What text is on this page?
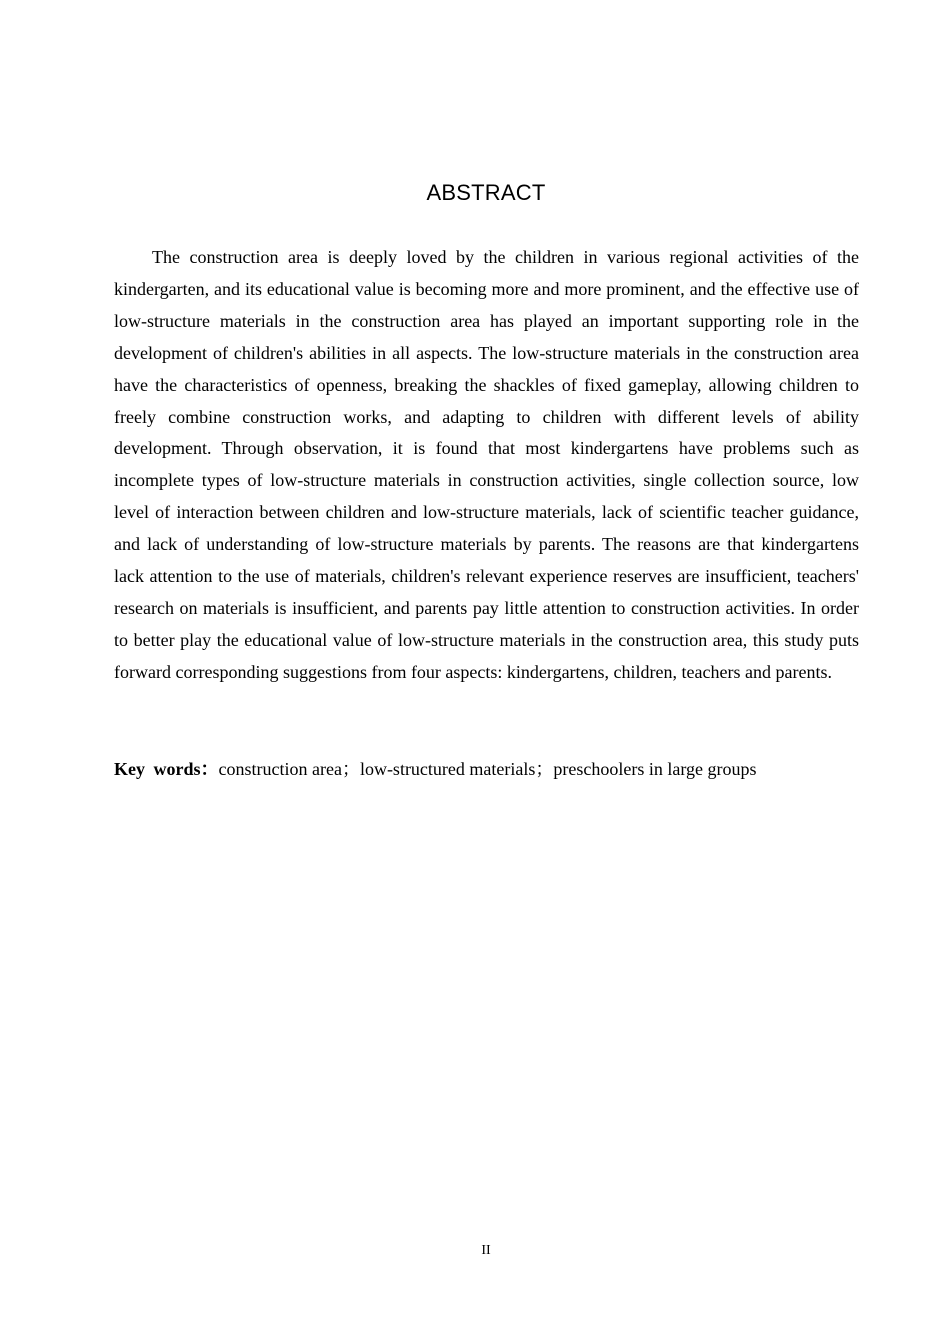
ABSTRACT

The construction area is deeply loved by the children in various regional activities of the kindergarten, and its educational value is becoming more and more prominent, and the effective use of low-structure materials in the construction area has played an important supporting role in the development of children's abilities in all aspects. The low-structure materials in the construction area have the characteristics of openness, breaking the shackles of fixed gameplay, allowing children to freely combine construction works, and adapting to children with different levels of ability development. Through observation, it is found that most kindergartens have problems such as incomplete types of low-structure materials in construction activities, single collection source, low level of interaction between children and low-structure materials, lack of scientific teacher guidance, and lack of understanding of low-structure materials by parents. The reasons are that kindergartens lack attention to the use of materials, children's relevant experience reserves are insufficient, teachers' research on materials is insufficient, and parents pay little attention to construction activities. In order to better play the educational value of low-structure materials in the construction area, this study puts forward corresponding suggestions from four aspects: kindergartens, children, teachers and parents.

Key words：construction area；low-structured materials；preschoolers in large groups

II
